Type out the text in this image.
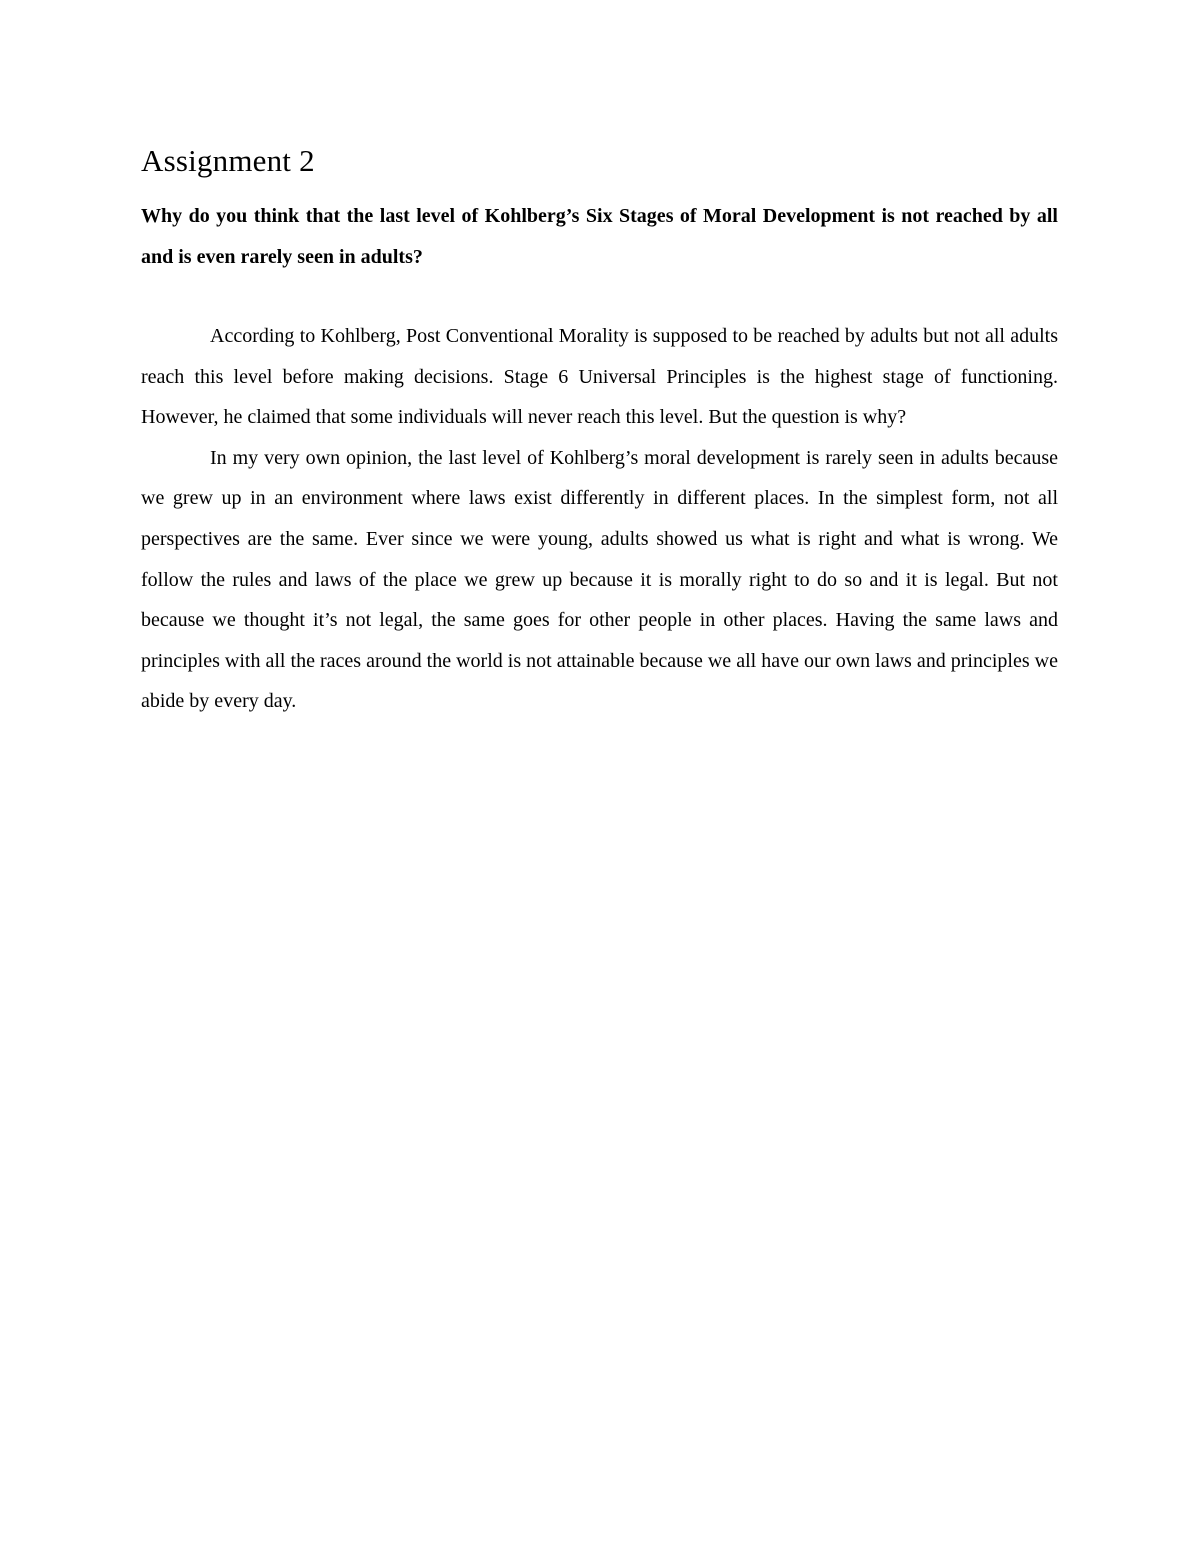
Assignment 2

Why do you think that the last level of Kohlberg’s Six Stages of Moral Development is not reached by all and is even rarely seen in adults?

According to Kohlberg, Post Conventional Morality is supposed to be reached by adults but not all adults reach this level before making decisions. Stage 6 Universal Principles is the highest stage of functioning. However, he claimed that some individuals will never reach this level. But the question is why?

In my very own opinion, the last level of Kohlberg’s moral development is rarely seen in adults because we grew up in an environment where laws exist differently in different places. In the simplest form, not all perspectives are the same. Ever since we were young, adults showed us what is right and what is wrong. We follow the rules and laws of the place we grew up because it is morally right to do so and it is legal. But not because we thought it’s not legal, the same goes for other people in other places. Having the same laws and principles with all the races around the world is not attainable because we all have our own laws and principles we abide by every day.
